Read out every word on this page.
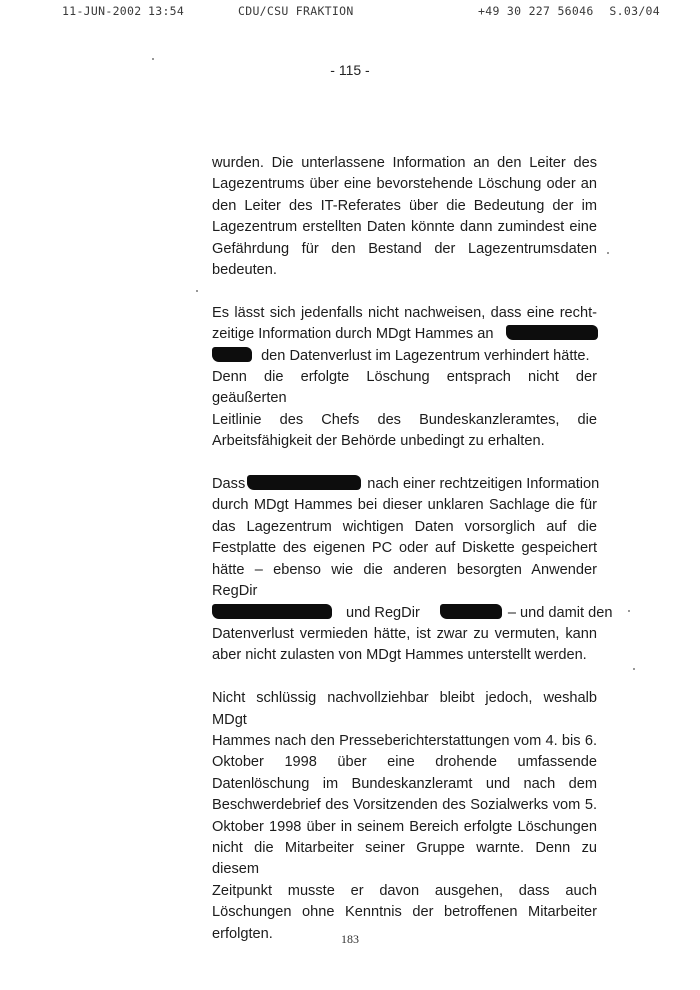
11-JUN-2002 13:54	CDU/CSU FRAKTION	+49 30 227 56046 S.03/04
- 115 -

wurden. Die unterlassene Information an den Leiter des
Lagezentrums über eine bevorstehende Löschung oder an
den Leiter des IT-Referates über die Bedeutung der im
Lagezentrum erstellten Daten könnte dann zumindest eine
Gefährdung für den Bestand der Lagezentrumsdaten
bedeuten.

Es lässt sich jedenfalls nicht nachweisen, dass eine recht-
zeitige Information durch MDgt Hammes an
den Datenverlust im Lagezentrum verhindert hätte.
Denn die erfolgte Löschung entsprach nicht der geäußerten
Leitlinie des Chefs des Bundeskanzleramtes, die
Arbeitsfähigkeit der Behörde unbedingt zu erhalten.

Dass	nach einer rechtzeitigen Information
durch MDgt Hammes bei dieser unklaren Sachlage die für
das Lagezentrum wichtigen Daten vorsorglich auf die
Festplatte des eigenen PC oder auf Diskette gespeichert
hätte – ebenso wie die anderen besorgten Anwender RegDir
und RegDir	– und damit den
Datenverlust vermieden hätte, ist zwar zu vermuten, kann
aber nicht zulasten von MDgt Hammes unterstellt werden.

Nicht schlüssig nachvollziehbar bleibt jedoch, weshalb MDgt
Hammes nach den Presseberichterstattungen vom 4. bis 6.
Oktober 1998 über eine drohende umfassende
Datenlöschung im Bundeskanzleramt und nach dem
Beschwerdebrief des Vorsitzenden des Sozialwerks vom 5.
Oktober 1998 über in seinem Bereich erfolgte Löschungen
nicht die Mitarbeiter seiner Gruppe warnte. Denn zu diesem
Zeitpunkt musste er davon ausgehen, dass auch
Löschungen ohne Kenntnis der betroffenen Mitarbeiter
erfolgten.	183
